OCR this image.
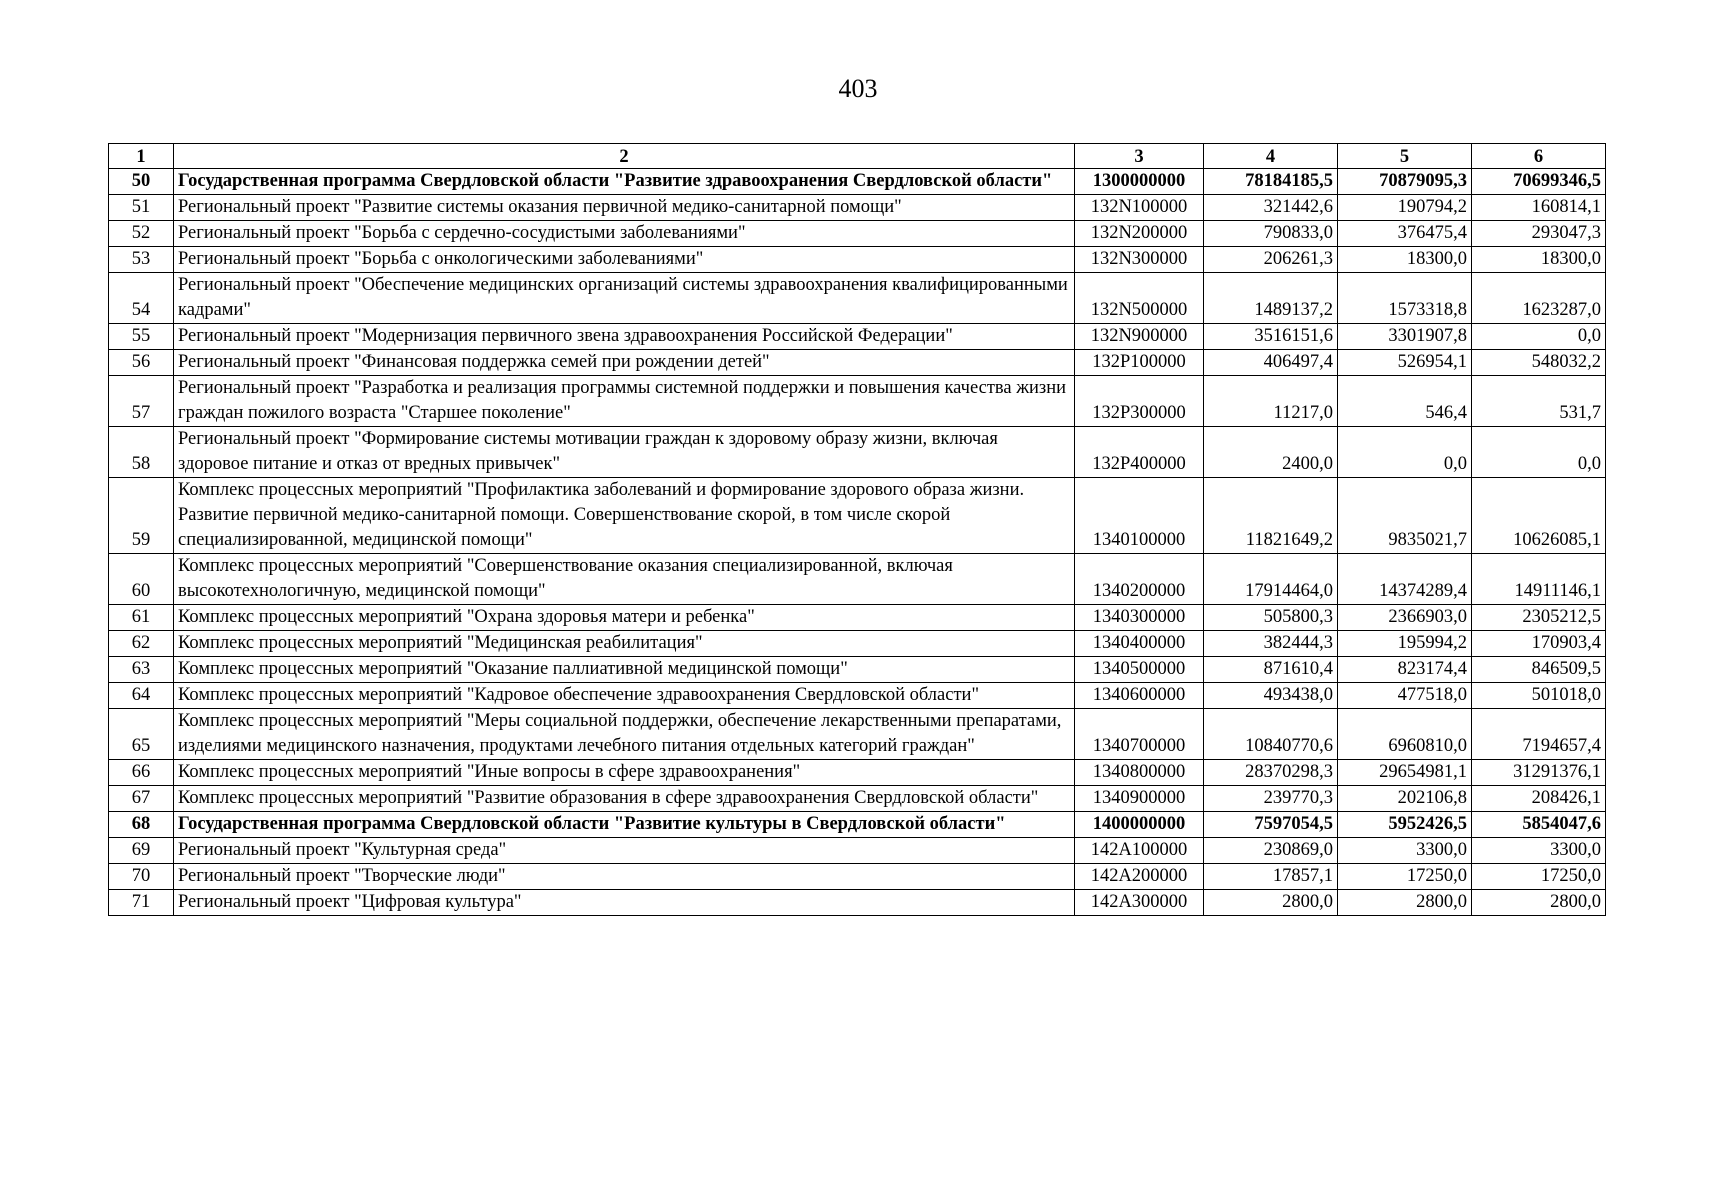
403
1	2	3	4	5	6
50	Государственная программа Свердловской области "Развитие здравоохранения Свердловской области"	1300000000	78184185,5	70879095,3	70699346,5
51	Региональный проект "Развитие системы оказания первичной медико-санитарной помощи"	132N100000	321442,6	190794,2	160814,1
52	Региональный проект "Борьба с сердечно-сосудистыми заболеваниями"	132N200000	790833,0	376475,4	293047,3
53	Региональный проект "Борьба с онкологическими заболеваниями"	132N300000	206261,3	18300,0	18300,0
54	Региональный проект "Обеспечение медицинских организаций системы здравоохранения квалифицированными кадрами"	132N500000	1489137,2	1573318,8	1623287,0
55	Региональный проект "Модернизация первичного звена здравоохранения Российской Федерации"	132N900000	3516151,6	3301907,8	0,0
56	Региональный проект "Финансовая поддержка семей при рождении детей"	132P100000	406497,4	526954,1	548032,2
57	Региональный проект "Разработка и реализация программы системной поддержки и повышения качества жизни граждан пожилого возраста "Старшее поколение"	132P300000	11217,0	546,4	531,7
58	Региональный проект "Формирование системы мотивации граждан к здоровому образу жизни, включая здоровое питание и отказ от вредных привычек"	132P400000	2400,0	0,0	0,0
59	Комплекс процессных мероприятий "Профилактика заболеваний и формирование здорового образа жизни. Развитие первичной медико-санитарной помощи. Совершенствование скорой, в том числе скорой специализированной, медицинской помощи"	1340100000	11821649,2	9835021,7	10626085,1
60	Комплекс процессных мероприятий "Совершенствование оказания специализированной, включая высокотехнологичную, медицинской помощи"	1340200000	17914464,0	14374289,4	14911146,1
61	Комплекс процессных мероприятий "Охрана здоровья матери и ребенка"	1340300000	505800,3	2366903,0	2305212,5
62	Комплекс процессных мероприятий "Медицинская реабилитация"	1340400000	382444,3	195994,2	170903,4
63	Комплекс процессных мероприятий "Оказание паллиативной медицинской помощи"	1340500000	871610,4	823174,4	846509,5
64	Комплекс процессных мероприятий "Кадровое обеспечение здравоохранения Свердловской области"	1340600000	493438,0	477518,0	501018,0
65	Комплекс процессных мероприятий "Меры социальной поддержки, обеспечение лекарственными препаратами, изделиями медицинского назначения, продуктами лечебного питания отдельных категорий граждан"	1340700000	10840770,6	6960810,0	7194657,4
66	Комплекс процессных мероприятий "Иные вопросы в сфере здравоохранения"	1340800000	28370298,3	29654981,1	31291376,1
67	Комплекс процессных мероприятий "Развитие образования в сфере здравоохранения Свердловской области"	1340900000	239770,3	202106,8	208426,1
68	Государственная программа Свердловской области "Развитие культуры в Свердловской области"	1400000000	7597054,5	5952426,5	5854047,6
69	Региональный проект "Культурная среда"	142A100000	230869,0	3300,0	3300,0
70	Региональный проект "Творческие люди"	142A200000	17857,1	17250,0	17250,0
71	Региональный проект "Цифровая культура"	142A300000	2800,0	2800,0	2800,0
